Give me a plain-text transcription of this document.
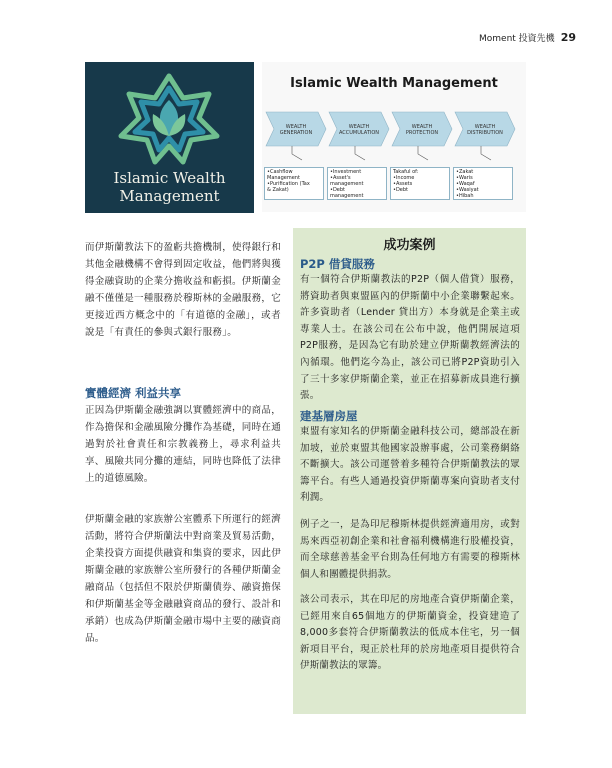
Moment 投資先機 29
Islamic Wealth
Management
Islamic Wealth Management
WEALTH
GENERATION
WEALTH
ACCUMULATION
WEALTH
PROTECTION
WEALTH
DISTRIBUTION
•Cashflow
Management
•Purification (Tax
& Zakat)
•Investment
•Asset's
management
•Debt
management
Takaful of:
•Income
•Assets
•Debt
•Zakat
•Waris
•Waqaf
•Wasiyat
•Hibah

而伊斯蘭教法下的盈虧共擔機制，使得銀行和其他金融機構不會得到固定收益，他們將與獲得金融資助的企業分擔收益和虧損。伊斯蘭金融不僅僅是一種服務於穆斯林的金融服務，它更接近西方概念中的「有道德的金融」，或者說是「有責任的參與式銀行服務」。

實體經濟 利益共享

正因為伊斯蘭金融強調以實體經濟中的商品，作為擔保和金融風險分攤作為基礎，同時在通過對於社會責任和宗教義務上，尋求利益共享、風險共同分攤的連結，同時也降低了法律上的道德風險。

伊斯蘭金融的家族辦公室體系下所運行的經濟活動，將符合伊斯蘭法中對商業及貿易活動，企業投資方面提供融資和集資的要求，因此伊斯蘭金融的家族辦公室所發行的各種伊斯蘭金融商品（包括但不限於伊斯蘭債券、融資擔保和伊斯蘭基金等金融融資商品的發行、設計和承銷）也成為伊斯蘭金融市場中主要的融資商品。

成功案例
P2P 借貸服務
有一個符合伊斯蘭教法的P2P（個人借貸）服務，將資助者與東盟區內的伊斯蘭中小企業聯繫起來。許多資助者（Lender 貸出方）本身就是企業主或專業人士。在該公司在公布中說，他們開展這項P2P服務，是因為它有助於建立伊斯蘭教經濟法的內循環。他們迄今為止，該公司已將P2P資助引入了三十多家伊斯蘭企業，並正在招募新成員進行擴張。
建基層房屋
東盟有家知名的伊斯蘭金融科技公司，總部設在新加坡，並於東盟其他國家設辦事處，公司業務網絡不斷擴大。該公司運營着多種符合伊斯蘭教法的眾籌平台。有些人通過投資伊斯蘭專案向資助者支付利潤。
例子之一，是為印尼穆斯林提供經濟適用房，或對馬來西亞初創企業和社會福利機構進行股權投資，而全球慈善基金平台則為任何地方有需要的穆斯林個人和團體提供捐款。
該公司表示，其在印尼的房地產合資伊斯蘭企業，已經用來自65個地方的伊斯蘭資金，投資建造了8,000多套符合伊斯蘭教法的低成本住宅，另一個新項目平台，現正於杜拜的於房地產項目提供符合伊斯蘭教法的眾籌。
